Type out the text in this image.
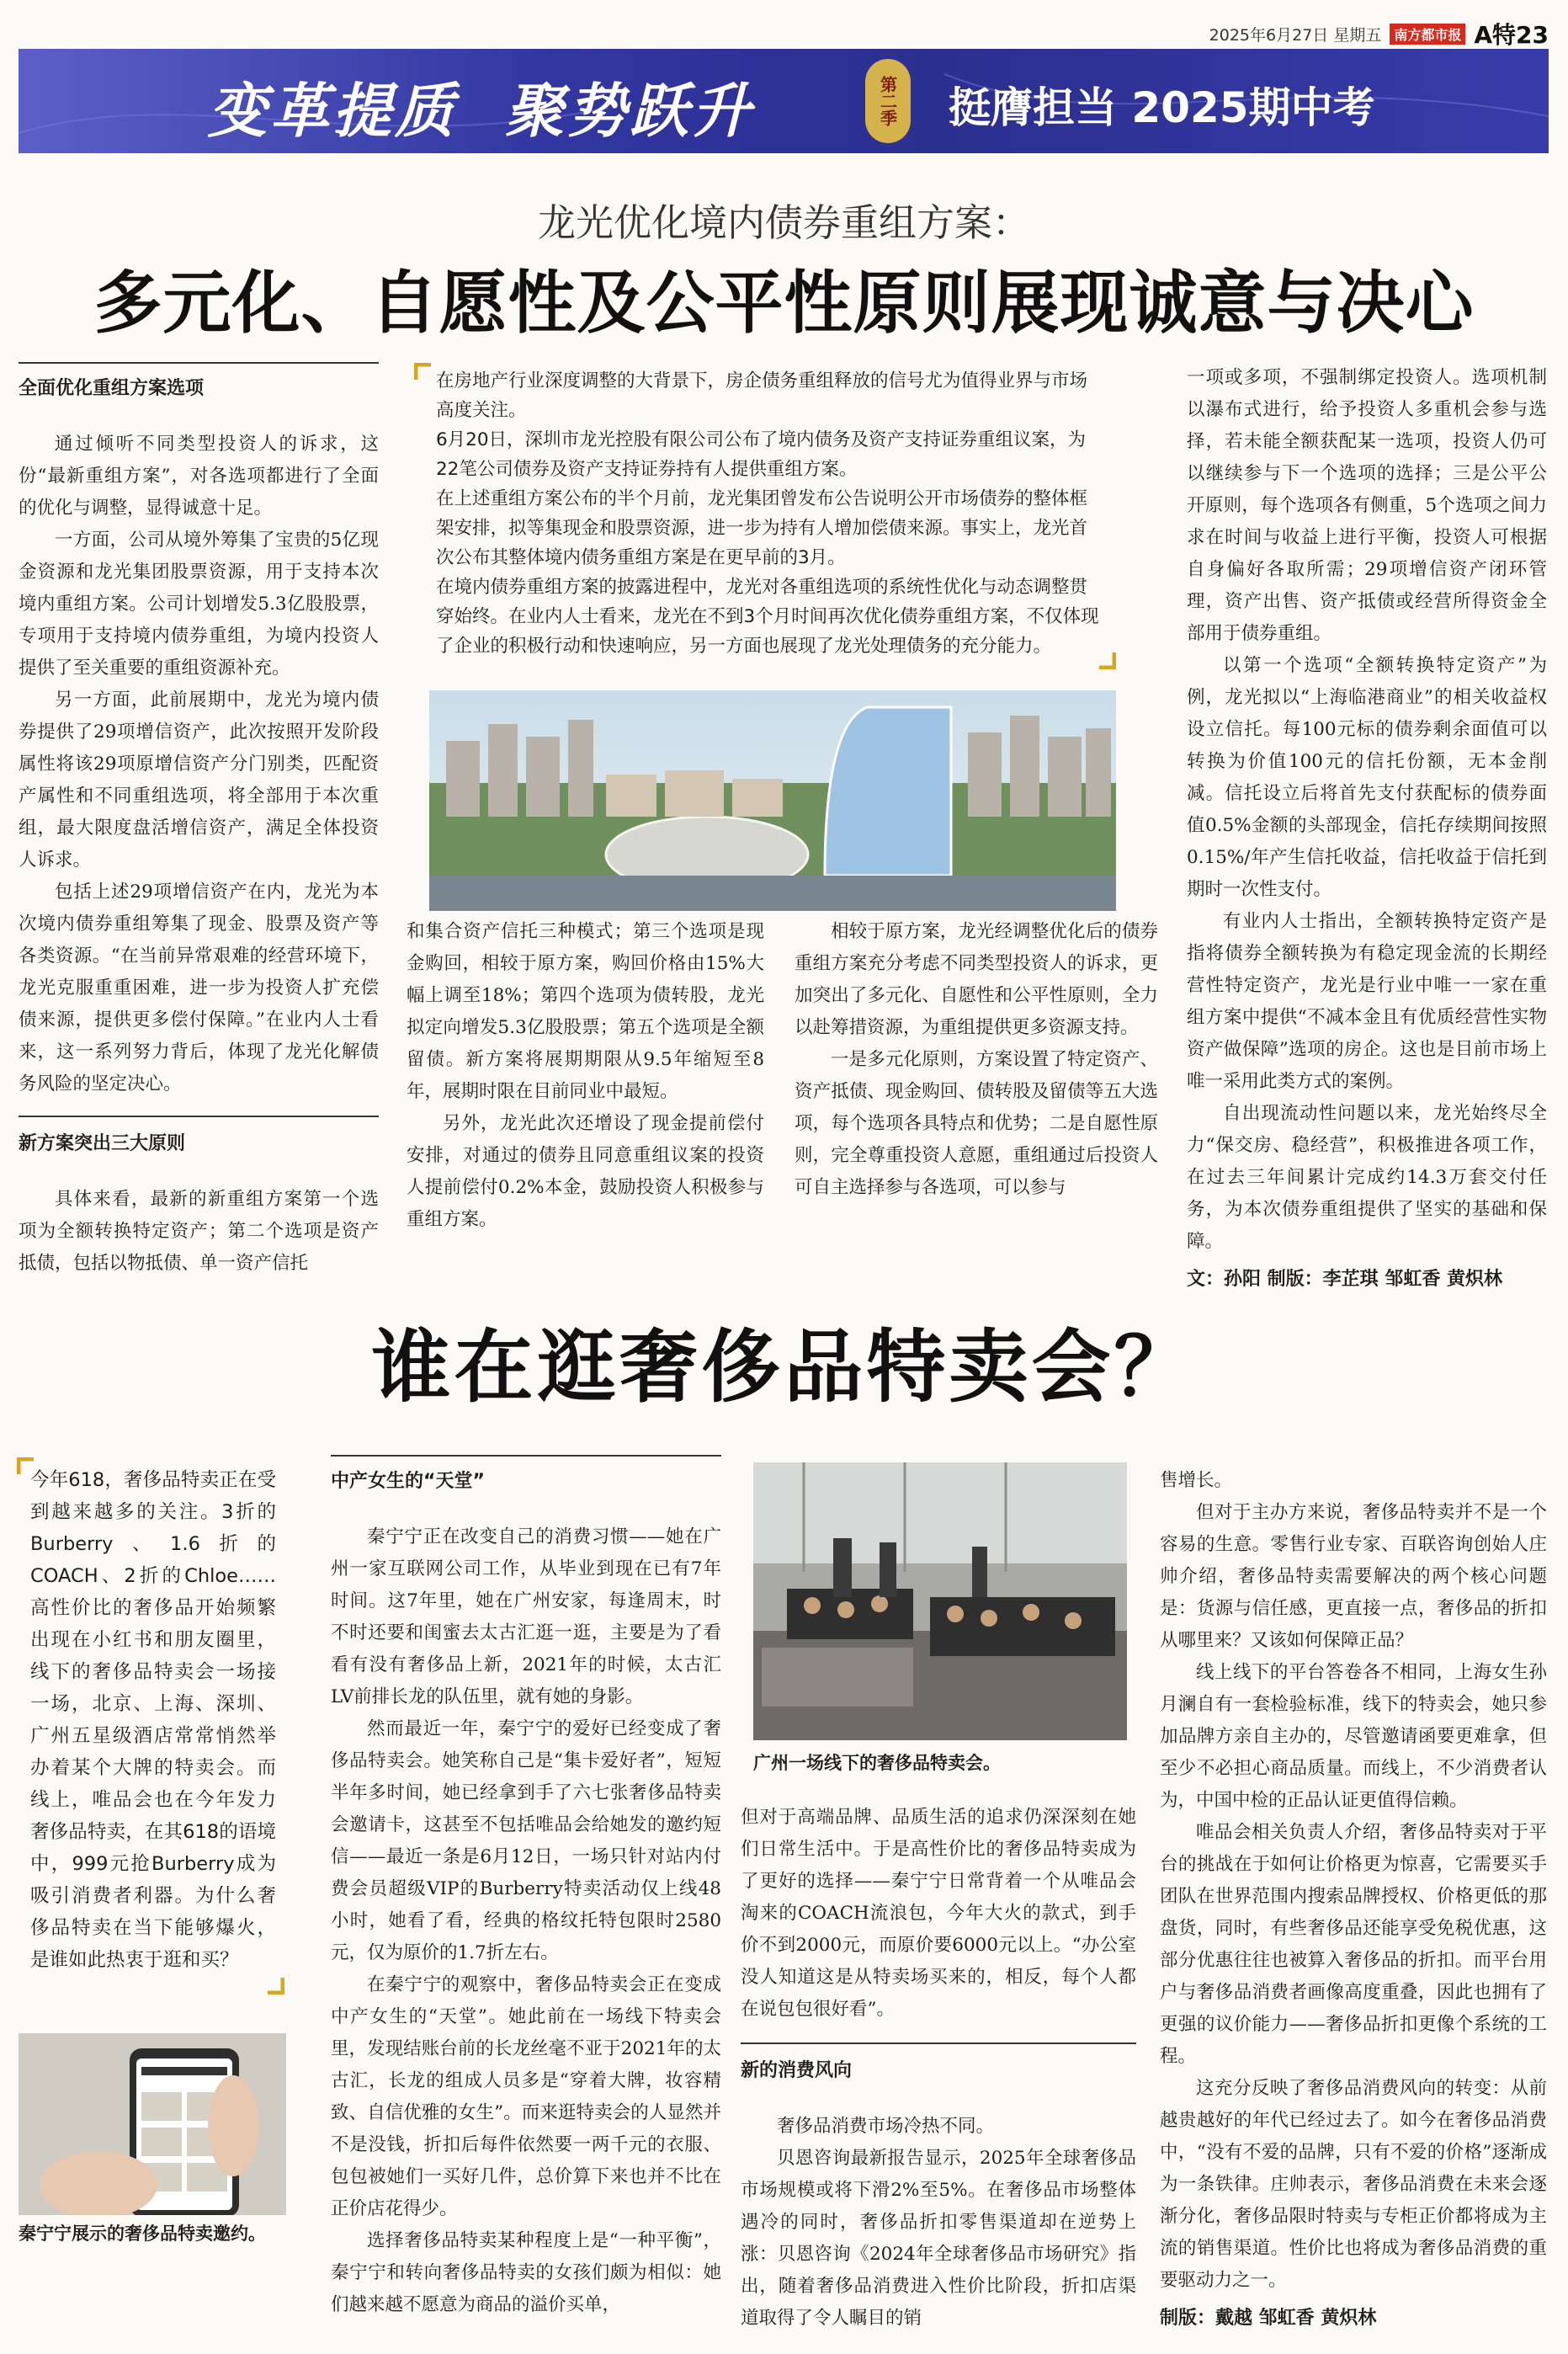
2025年6月27日 星期五 南方都市报 A特23
变革提质  聚势跃升	第二季 挺膺担当 2025期中考
龙光优化境内债券重组方案：
多元化、自愿性及公平性原则展现诚意与决心

全面优化重组方案选项

通过倾听不同类型投资人的诉求，这份“最新重组方案”，对各选项都进行了全面的优化与调整，显得诚意十足。

一方面，公司从境外筹集了宝贵的5亿现金资源和龙光集团股票资源，用于支持本次境内重组方案。公司计划增发5.3亿股股票，专项用于支持境内债券重组，为境内投资人提供了至关重要的重组资源补充。

另一方面，此前展期中，龙光为境内债券提供了29项增信资产，此次按照开发阶段属性将该29项原增信资产分门别类，匹配资产属性和不同重组选项，将全部用于本次重组，最大限度盘活增信资产，满足全体投资人诉求。

包括上述29项增信资产在内，龙光为本次境内债券重组筹集了现金、股票及资产等各类资源。“在当前异常艰难的经营环境下，龙光克服重重困难，进一步为投资人扩充偿债来源，提供更多偿付保障。”在业内人士看来，这一系列努力背后，体现了龙光化解债务风险的坚定决心。

新方案突出三大原则

具体来看，最新的新重组方案第一个选项为全额转换特定资产；第二个选项是资产抵债，包括以物抵债、单一资产信托

在房地产行业深度调整的大背景下，房企债务重组释放的信号尤为值得业界与市场高度关注。

6月20日，深圳市龙光控股有限公司公布了境内债务及资产支持证券重组议案，为22笔公司债券及资产支持证券持有人提供重组方案。

在上述重组方案公布的半个月前，龙光集团曾发布公告说明公开市场债券的整体框架安排，拟等集现金和股票资源，进一步为持有人增加偿债来源。事实上，龙光首次公布其整体境内债务重组方案是在更早前的3月。

在境内债券重组方案的披露进程中，龙光对各重组选项的系统性优化与动态调整贯穿始终。在业内人士看来，龙光在不到3个月时间再次优化债券重组方案，不仅体现了企业的积极行动和快速响应，另一方面也展现了龙光处理债务的充分能力。

和集合资产信托三种模式；第三个选项是现金购回，相较于原方案，购回价格由15%大幅上调至18%；第四个选项为债转股，龙光拟定向增发5.3亿股股票；第五个选项是全额留债。新方案将展期期限从9.5年缩短至8年，展期时限在目前同业中最短。

另外，龙光此次还增设了现金提前偿付安排，对通过的债券且同意重组议案的投资人提前偿付0.2%本金，鼓励投资人积极参与重组方案。

相较于原方案，龙光经调整优化后的债券重组方案充分考虑不同类型投资人的诉求，更加突出了多元化、自愿性和公平性原则，全力以赴筹措资源，为重组提供更多资源支持。

一是多元化原则，方案设置了特定资产、资产抵债、现金购回、债转股及留债等五大选项，每个选项各具特点和优势；二是自愿性原则，完全尊重投资人意愿，重组通过后投资人可自主选择参与各选项，可以参与

一项或多项，不强制绑定投资人。选项机制以瀑布式进行，给予投资人多重机会参与选择，若未能全额获配某一选项，投资人仍可以继续参与下一个选项的选择；三是公平公开原则，每个选项各有侧重，5个选项之间力求在时间与收益上进行平衡，投资人可根据自身偏好各取所需；29项增信资产闭环管理，资产出售、资产抵债或经营所得资金全部用于债券重组。

以第一个选项“全额转换特定资产”为例，龙光拟以“上海临港商业”的相关收益权设立信托。每100元标的债券剩余面值可以转换为价值100元的信托份额，无本金削减。信托设立后将首先支付获配标的债券面值0.5%金额的头部现金，信托存续期间按照0.15%/年产生信托收益，信托收益于信托到期时一次性支付。

有业内人士指出，全额转换特定资产是指将债券全额转换为有稳定现金流的长期经营性特定资产，龙光是行业中唯一一家在重组方案中提供“不减本金且有优质经营性实物资产做保障”选项的房企。这也是目前市场上唯一采用此类方式的案例。

自出现流动性问题以来，龙光始终尽全力“保交房、稳经营”，积极推进各项工作，在过去三年间累计完成约14.3万套交付任务，为本次债券重组提供了坚实的基础和保障。

文：孙阳 制版：李芷琪 邹虹香 黄炽林
谁在逛奢侈品特卖会？

今年618，奢侈品特卖正在受到越来越多的关注。3折的Burberry、1.6折的COACH、2折的Chloe……高性价比的奢侈品开始频繁出现在小红书和朋友圈里，线下的奢侈品特卖会一场接一场，北京、上海、深圳、广州五星级酒店常常悄然举办着某个大牌的特卖会。而线上，唯品会也在今年发力奢侈品特卖，在其618的语境中，999元抢Burberry成为吸引消费者利器。为什么奢侈品特卖在当下能够爆火，是谁如此热衷于逛和买？

秦宁宁展示的奢侈品特卖邀约。

中产女生的“天堂”

秦宁宁正在改变自己的消费习惯——她在广州一家互联网公司工作，从毕业到现在已有7年时间。这7年里，她在广州安家，每逢周末，时不时还要和闺蜜去太古汇逛一逛，主要是为了看看有没有奢侈品上新，2021年的时候，太古汇LV前排长龙的队伍里，就有她的身影。

然而最近一年，秦宁宁的爱好已经变成了奢侈品特卖会。她笑称自己是“集卡爱好者”，短短半年多时间，她已经拿到手了六七张奢侈品特卖会邀请卡，这甚至不包括唯品会给她发的邀约短信——最近一条是6月12日，一场只针对站内付费会员超级VIP的Burberry特卖活动仅上线48小时，她看了看，经典的格纹托特包限时2580元，仅为原价的1.7折左右。

在秦宁宁的观察中，奢侈品特卖会正在变成中产女生的“天堂”。她此前在一场线下特卖会里，发现结账台前的长龙丝毫不亚于2021年的太古汇，长龙的组成人员多是“穿着大牌，妆容精致、自信优雅的女生”。而来逛特卖会的人显然并不是没钱，折扣后每件依然要一两千元的衣服、包包被她们一买好几件，总价算下来也并不比在正价店花得少。

选择奢侈品特卖某种程度上是“一种平衡”，秦宁宁和转向奢侈品特卖的女孩们颇为相似：她们越来越不愿意为商品的溢价买单，

广州一场线下的奢侈品特卖会。

但对于高端品牌、品质生活的追求仍深深刻在她们日常生活中。于是高性价比的奢侈品特卖成为了更好的选择——秦宁宁日常背着一个从唯品会淘来的COACH流浪包，今年大火的款式，到手价不到2000元，而原价要6000元以上。“办公室没人知道这是从特卖场买来的，相反，每个人都在说包包很好看”。

新的消费风向

奢侈品消费市场冷热不同。

贝恩咨询最新报告显示，2025年全球奢侈品市场规模或将下滑2%至5%。在奢侈品市场整体遇冷的同时，奢侈品折扣零售渠道却在逆势上涨：贝恩咨询《2024年全球奢侈品市场研究》指出，随着奢侈品消费进入性价比阶段，折扣店渠道取得了令人瞩目的销

售增长。

但对于主办方来说，奢侈品特卖并不是一个容易的生意。零售行业专家、百联咨询创始人庄帅介绍，奢侈品特卖需要解决的两个核心问题是：货源与信任感，更直接一点，奢侈品的折扣从哪里来？又该如何保障正品？

线上线下的平台答卷各不相同，上海女生孙月澜自有一套检验标准，线下的特卖会，她只参加品牌方亲自主办的，尽管邀请函要更难拿，但至少不必担心商品质量。而线上，不少消费者认为，中国中检的正品认证更值得信赖。

唯品会相关负责人介绍，奢侈品特卖对于平台的挑战在于如何让价格更为惊喜，它需要买手团队在世界范围内搜索品牌授权、价格更低的那盘货，同时，有些奢侈品还能享受免税优惠，这部分优惠往往也被算入奢侈品的折扣。而平台用户与奢侈品消费者画像高度重叠，因此也拥有了更强的议价能力——奢侈品折扣更像个系统的工程。

这充分反映了奢侈品消费风向的转变：从前越贵越好的年代已经过去了。如今在奢侈品消费中，“没有不爱的品牌，只有不爱的价格”逐渐成为一条铁律。庄帅表示，奢侈品消费在未来会逐渐分化，奢侈品限时特卖与专柜正价都将成为主流的销售渠道。性价比也将成为奢侈品消费的重要驱动力之一。

制版：戴越 邹虹香 黄炽林
